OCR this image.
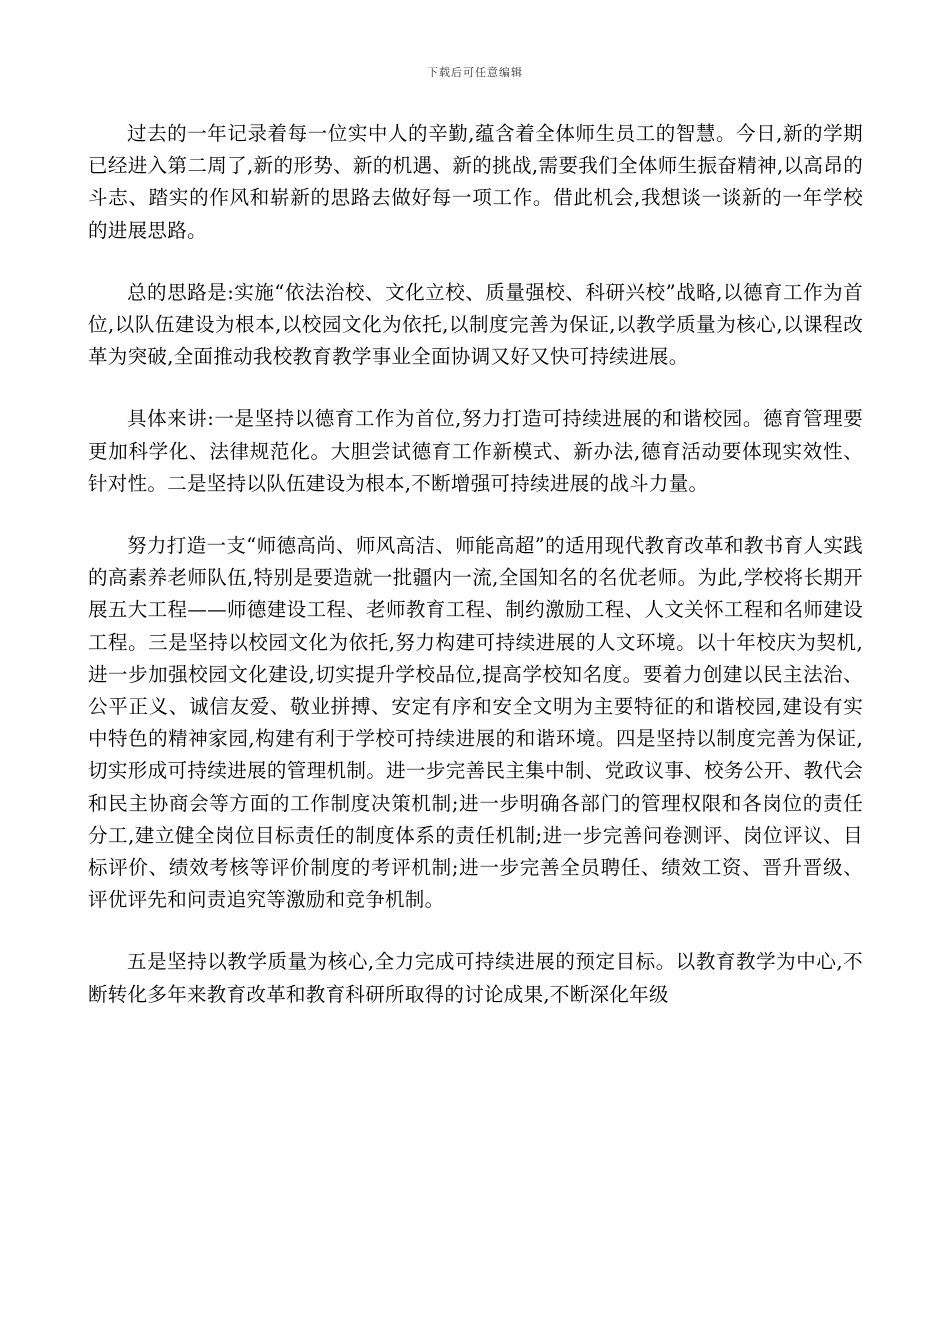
下载后可任意编辑

过去的一年记录着每一位实中人的辛勤,蕴含着全体师生员工的智慧。今日,新的学期已经进入第二周了,新的形势、新的机遇、新的挑战,需要我们全体师生振奋精神,以高昂的斗志、踏实的作风和崭新的思路去做好每一项工作。借此机会,我想谈一谈新的一年学校的进展思路。

总的思路是:实施“依法治校、文化立校、质量强校、科研兴校”战略,以德育工作为首位,以队伍建设为根本,以校园文化为依托,以制度完善为保证,以教学质量为核心,以课程改革为突破,全面推动我校教育教学事业全面协调又好又快可持续进展。

具体来讲:一是坚持以德育工作为首位,努力打造可持续进展的和谐校园。德育管理要更加科学化、法律规范化。大胆尝试德育工作新模式、新办法,德育活动要体现实效性、针对性。二是坚持以队伍建设为根本,不断增强可持续进展的战斗力量。

努力打造一支“师德高尚、师风高洁、师能高超”的适用现代教育改革和教书育人实践的高素养老师队伍,特别是要造就一批疆内一流,全国知名的名优老师。为此,学校将长期开展五大工程——师德建设工程、老师教育工程、制约激励工程、人文关怀工程和名师建设工程。三是坚持以校园文化为依托,努力构建可持续进展的人文环境。以十年校庆为契机,进一步加强校园文化建设,切实提升学校品位,提高学校知名度。要着力创建以民主法治、公平正义、诚信友爱、敬业拼搏、安定有序和安全文明为主要特征的和谐校园,建设有实中特色的精神家园,构建有利于学校可持续进展的和谐环境。四是坚持以制度完善为保证,切实形成可持续进展的管理机制。进一步完善民主集中制、党政议事、校务公开、教代会和民主协商会等方面的工作制度决策机制;进一步明确各部门的管理权限和各岗位的责任分工,建立健全岗位目标责任的制度体系的责任机制;进一步完善问卷测评、岗位评议、目标评价、绩效考核等评价制度的考评机制;进一步完善全员聘任、绩效工资、晋升晋级、评优评先和问责追究等激励和竞争机制。

五是坚持以教学质量为核心,全力完成可持续进展的预定目标。以教育教学为中心,不断转化多年来教育改革和教育科研所取得的讨论成果,不断深化年级
